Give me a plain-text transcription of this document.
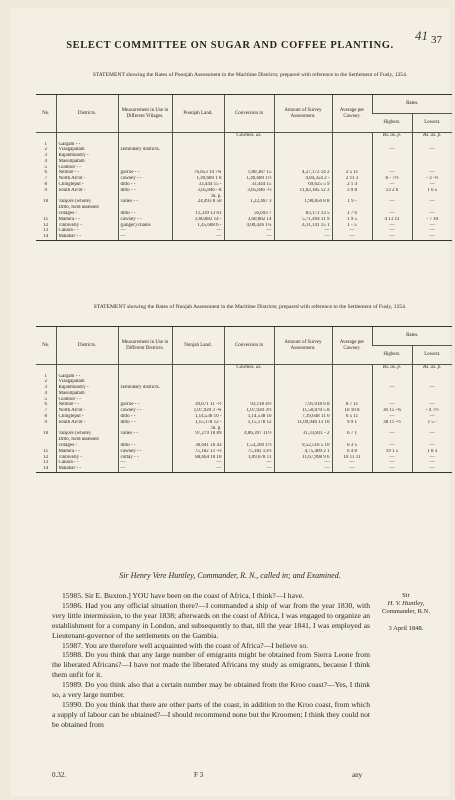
41
SELECT COMMITTEE ON SUGAR AND COFFEE PLANTING.	37
STATEMENT showing the Rates of Poonjah Assessment in the Maritime Districts; prepared with reference to the Settlement of Fusly, 1254.
No.	Districts.	Measurement in Use in Different Villages.	Poonjah Land.	Conversion in	Amount of Survey Assessment.	Average per Cawney.	Rates.	
							Highest.	Lowest.
				Cawnies. as.			Rs. as. p.	Rs. as. p.
1	Ganjam - -							
2	Vizagapatam	zemindary districts.					—	—
3	Rajahmundry -							
4	Masulipatam							
5	Guntoor - -							
6	Nellore - -	gurroe - -	76,853 14 7¾	1,80,387 15	4,27,172 14 2	2 5 11	—	—
7	North Arcot -	cawney - -	1,49,689 1 8	1,49,689 1½	4,04,354 2 -	2 11 3	8 - 7½	- 3 -½
8	Chingleput -	ditto - -	33,444 15 -	33,444 15	69,625 5 9	2 1 4	—	—
9	South Arcot -	ditto - -	3,05,846 - 8	3,05,846 -½	11,02,185 12 3	3 9 8	13 2 6	1 6 5
			m. p.					
10	Tanjore (whole)	valies - -	24,493 8 50	1,22,467 3	1,90,856 8 8	1 9 -	—	—
	Ditto, field assessed							
	villages -	ditto - -	11,339 13 61	56,693 7	83,171 13 5	1 7 6	—	—
11	Madura - -	cawney - -	3,60,882 14 -	3,60,882 14	5,71,494 11 9	1 9 5	4 13 11	- 7 10
12	Tinnivelly -	(junger) chains	1,45,608 6 -	4,00,426 1¼	4,11,141 15 1	1 - 5	—	—
13	Canara - -	—	—	—	—	—	—	—
14	Malabar - -	—	—	—	—	—	—	—
STATEMENT showing the Rates of Nunjah Assessment in the Maritime Districts; prepared with reference to the Settlement of Fusly, 1254.
No.	Districts.	Measurement in Use in Different Districts.	Nunjah Land.	Conversion in	Amount of Survey Assessment.	Average per Cawney.	Rates.	
							Highest.	Lowest.
				Cawnies. as.			Rs. as. p.	Rs. as. p.
1	Ganjam - -							
2	Vizagapatam							
3	Rajahmundry -	zemindary districts.					—	—
4	Masulipatam							
5	Guntoor - -							
6	Nellore - -	gurroe - -	39,671 11 -½	93,118 4½	7,91,018 6 8	8 7 11	—	—
7	North Arcot -	cawney - -	1,07,920 3 -¾	1,07,920 3½	11,50,870 5 8	10 10 8	36 15 -¾	- 4 7½
8	Chingleput -	ditto - -	1,14,538 10 -	1,14,538 10	7,39,648 11 6	6 5 11	—	—
9	South Arcot -	ditto - -	1,15,178 12 -	1,15,178 12	11,09,946 13 10	9 9 1	38 11 -½	1 5 -
			m. p.					
10	Tanjore (whole)	valies - -	97,279 10 89	4,86,397 11½	31,33,831 - 2	6 7 1	—	—
	Ditto, field assessed							
	villages -	ditto - -	30,641 16 43	1,53,209 1½	9,52,516 5 10	6 3 5	—	—
11	Madura - -	cawney - -	75,182 13 -½	75,182 13½	4,75,409 2 1	6 4 8	19 1 5	1 8 3
12	Tinnivelly -	cottay - -	88,664 10 10	1,09,678 11	11,67,998 9 6	10 11 11	—	—
13	Canara - -	—	—	—	—	—	—	—
14	Malabar - -	—	—	—	—	—	—	—
Sir Henry Vere Huntley, Commander, R. N., called in; and Examined.
Sir
H. V. Huntley,
Commander, R.N.

3 April 1848.

15985. Sir E. Buxton.] YOU have been on the coast of Africa, I think?—I have.

15986. Had you any official situation there?—I commanded a ship of war from the year 1830, with very little intermission, to the year 1838; afterwards on the coast of Africa, I was engaged to organize an establishment for a company in London, and subsequently to that, till the year 1841, I was employed as Lieutenant-governor of the settlements on the Gambia.

15987. You are therefore well acquainted with the coast of Africa?—I believe so.

15988. Do you think that any large number of emigrants might be obtained from Sierra Leone from the liberated Africans?—I have not made the liberated Africans my study as emigrants, because I think them unfit for it.

15989. Do you think also that a certain number may be obtained from the Kroo coast?—Yes, I think so, a very large number.

15990. Do you think that there are other parts of the coast, in addition to the Kroo coast, from which a supply of labour can be obtained?—I should recommend none but the Kroomen; I think they could not be obtained from

0.32.	F 3	any
